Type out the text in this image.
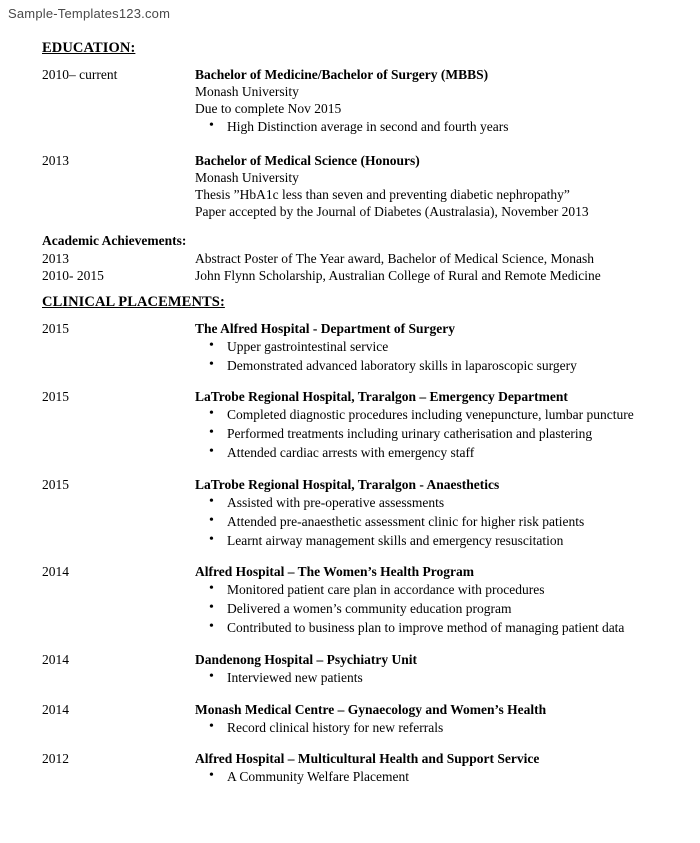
Sample-Templates123.com
EDUCATION:
2010– current	Bachelor of Medicine/Bachelor of Surgery (MBBS)
Monash University
Due to complete Nov 2015
• High Distinction average in second and fourth years
2013	Bachelor of Medical Science (Honours)
Monash University
Thesis ”HbA1c less than seven and preventing diabetic nephropathy”
Paper accepted by the Journal of Diabetes (Australasia), November 2013
Academic Achievements:
2013	Abstract Poster of The Year award, Bachelor of Medical Science, Monash
2010- 2015	John Flynn Scholarship, Australian College of Rural and Remote Medicine
CLINICAL PLACEMENTS:
2015	The Alfred Hospital - Department of Surgery
• Upper gastrointestinal service
• Demonstrated advanced laboratory skills in laparoscopic surgery
2015	LaTrobe Regional Hospital, Traralgon – Emergency Department
• Completed diagnostic procedures including venepuncture, lumbar puncture
• Performed treatments including urinary catherisation and plastering
• Attended cardiac arrests with emergency staff
2015	LaTrobe Regional Hospital, Traralgon - Anaesthetics
• Assisted with pre-operative assessments
• Attended pre-anaesthetic assessment clinic for higher risk patients
• Learnt airway management skills and emergency resuscitation
2014	Alfred Hospital – The Women’s Health Program
• Monitored patient care plan in accordance with procedures
• Delivered a women’s community education program
• Contributed to business plan to improve method of managing patient data
2014	Dandenong Hospital – Psychiatry Unit
• Interviewed new patients
2014	Monash Medical Centre – Gynaecology and Women’s Health
• Record clinical history for new referrals
2012	Alfred Hospital – Multicultural Health and Support Service
• A Community Welfare Placement
